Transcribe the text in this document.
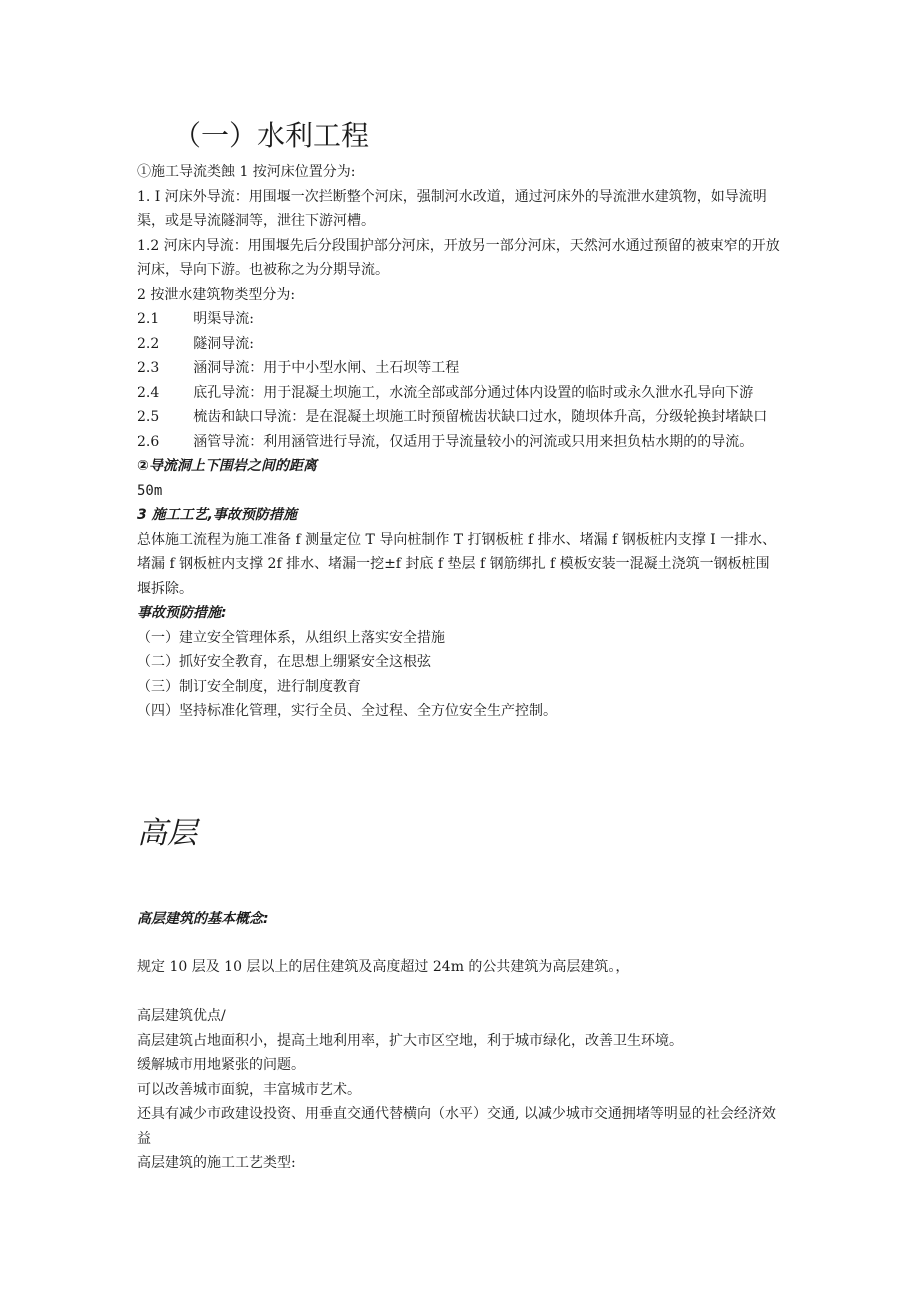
（一）水利工程

①施工导流类蝕 1 按河床位置分为:

1. I 河床外导流：用围堰一次拦断整个河床，强制河水改道，通过河床外的导流泄水建筑物，如导流明渠，或是导流隧洞等，泄往下游河槽。

1.2 河床内导流：用围堰先后分段围护部分河床，开放另一部分河床，天然河水通过预留的被束窄的开放河床，导向下游。也被称之为分期导流。

2 按泄水建筑物类型分为:

2.1 明渠导流:

2.2 隧洞导流:

2.3 涵洞导流：用于中小型水闸、土石坝等工程

2.4 底孔导流：用于混凝土坝施工，水流全部或部分通过体内设置的临时或永久泄水孔导向下游

2.5 梳齿和缺口导流：是在混凝土坝施工时预留梳齿状缺口过水，随坝体升高，分级轮换封堵缺口

2.6 涵管导流：利用涵管进行导流，仅适用于导流量较小的河流或只用来担负枯水期的的导流。

②导流洞上下围岩之间的距离

50m

3 施工工艺,事故预防措施

总体施工流程为施工准备 f 测量定位 T 导向桩制作 T 打钢板桩 f 排水、堵漏 f 钢板桩内支撑 I 一排水、堵漏 f 钢板桩内支撑 2f 排水、堵漏一挖±f 封底 f 垫层 f 钢筋绑扎 f 模板安装一混凝土浇筑一钢板桩围堰拆除。

事故预防措施:

（一）建立安全管理体系，从组织上落实安全措施

（二）抓好安全教育，在思想上绷紧安全这根弦

（三）制订安全制度，进行制度教育

（四）坚持标准化管理，实行全员、全过程、全方位安全生产控制。

高层

高层建筑的基本概念:

规定 10 层及 10 层以上的居住建筑及高度超过 24m 的公共建筑为高层建筑。，

高层建筑优点/

高层建筑占地面积小，提高土地利用率，扩大市区空地，利于城市绿化，改善卫生环境。

缓解城市用地紧张的问题。

可以改善城市面貌，丰富城市艺术。

还具有减少市政建设投资、用垂直交通代替横向（水平）交通, 以减少城市交通拥堵等明显的社会经济效益

高层建筑的施工工艺类型:
